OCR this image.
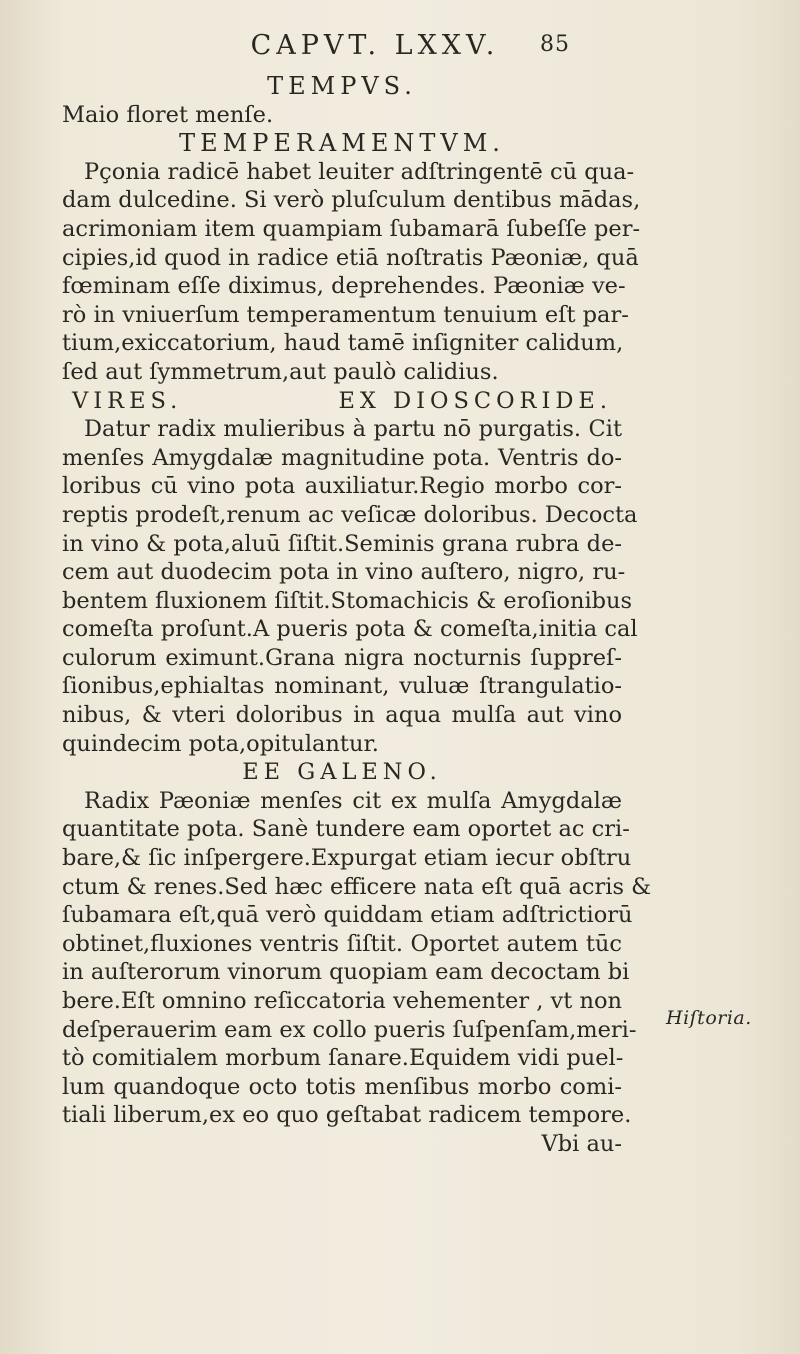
CAPVT. LXXV.	85
TEMPVS.
Maio floret menſe.
TEMPERAMENTVM.
Pçonia radicē habet leuiter adſtringentē cū qua-
dam dulcedine. Si verò pluſculum dentibus mādas,
acrimoniam item quampiam ſubamarā ſubeſſe per-
cipies,id quod in radice etiā noſtratis Pæoniæ, quā
fœminam eſſe diximus, deprehendes. Pæoniæ ve-
rò in vniuerſum temperamentum tenuium eſt par-
tium,exiccatorium, haud tamē inſigniter calidum,
ſed aut ſymmetrum,aut paulò calidius.
VIRES.	EX DIOSCORIDE.
Datur radix mulieribus à partu nō purgatis. Cit
menſes Amygdalæ magnitudine pota. Ventris do-
loribus cū vino pota auxiliatur.Regio morbo cor-
reptis prodeſt,renum ac veſicæ doloribus. Decocta
in vino & pota,aluū ſiſtit.Seminis grana rubra de-
cem aut duodecim pota in vino auſtero, nigro, ru-
bentem fluxionem ſiſtit.Stomachicis & eroſionibus
comeſta proſunt.A pueris pota & comeſta,initia cal
culorum eximunt.Grana nigra nocturnis ſuppreſ-
ſionibus,ephialtas nominant, vuluæ ſtrangulatio-
nibus, & vteri doloribus in aqua mulſa aut vino
quindecim pota,opitulantur.
EE GALENO.
Radix Pæoniæ menſes cit ex mulſa Amygdalæ
quantitate pota. Sanè tundere eam oportet ac cri-
bare,& ſic inſpergere.Expurgat etiam iecur obſtru
ctum & renes.Sed hæc efficere nata eſt quā acris &
ſubamara eſt,quā verò quiddam etiam adſtrictiorū
obtinet,fluxiones ventris ſiſtit. Oportet autem tūc
in auſterorum vinorum quopiam eam decoctam bi
bere.Eſt omnino reſiccatoria vehementer , vt non
deſperauerim eam ex collo pueris ſuſpenſam,meri-
tò comitialem morbum ſanare.Equidem vidi puel-
lum quandoque octo totis menſibus morbo comi-
tiali liberum,ex eo quo geſtabat radicem tempore.
Vbi au-
Hiſtoria.
